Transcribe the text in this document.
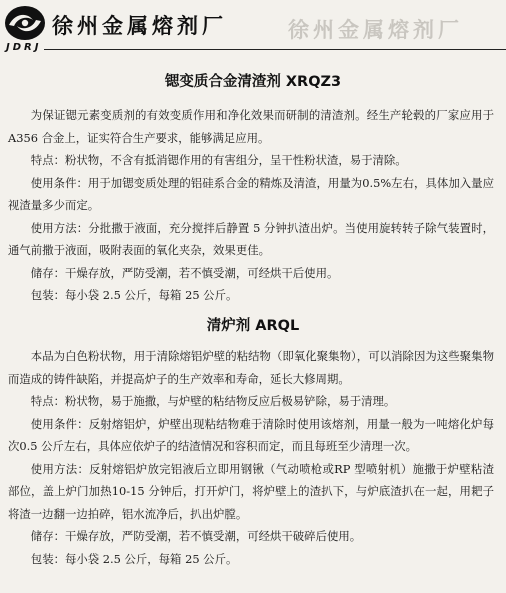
徐州金属熔剂厂	徐州金属熔剂厂
JDRJ
锶变质合金清渣剂 XRQZ3

为保证锶元素变质剂的有效变质作用和净化效果而研制的清渣剂。经生产轮毂的厂家应用于A356 合金上，证实符合生产要求，能够满足应用。

特点：粉状物，不含有抵消锶作用的有害组分，呈干性粉状渣，易于清除。

使用条件：用于加锶变质处理的铝硅系合金的精炼及清渣，用量为0.5%左右，具体加入量应视渣量多少而定。

使用方法：分批撒于液面，充分搅拌后静置 5 分钟扒渣出炉。当使用旋转转子除气装置时，通气前撒于液面，吸附表面的氧化夹杂，效果更佳。

储存：干燥存放，严防受潮，若不慎受潮，可经烘干后使用。

包装：每小袋 2.5 公斤，每箱 25 公斤。

清炉剂 ARQL

本品为白色粉状物，用于清除熔铝炉壁的粘结物（即氧化聚集物），可以消除因为这些聚集物而造成的铸件缺陷，并提高炉子的生产效率和寿命，延长大修周期。

特点：粉状物，易于施撒，与炉壁的粘结物反应后极易铲除，易于清理。

使用条件：反射熔铝炉，炉壁出现粘结物难于清除时使用该熔剂，用量一般为一吨熔化炉每次0.5 公斤左右，具体应依炉子的结渣情况和容积而定，而且每班至少清理一次。

使用方法：反射熔铝炉放完铝液后立即用钢锹（气动喷枪或RP 型喷射机）施撒于炉壁粘渣部位，盖上炉门加热10-15 分钟后，打开炉门，将炉壁上的渣扒下，与炉底渣扒在一起，用耙子将渣一边翻一边拍碎，铝水流净后，扒出炉膛。

储存：干燥存放，严防受潮，若不慎受潮，可经烘干破碎后使用。

包装：每小袋 2.5 公斤，每箱 25 公斤。
